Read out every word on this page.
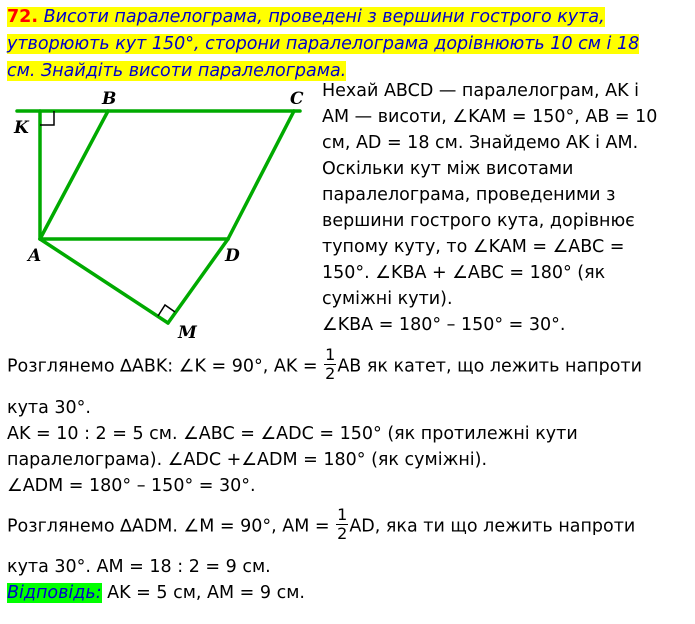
72. Висоти паралелограма, проведені з вершини гострого кута,
утворюють кут 150°, сторони паралелограма дорівнюють 10 см і 18
см. Знайдіть висоти паралелограма.
K
B	C
A	D
M
Нехай ABCD — паралелограм, AK і
AM — висоти, ∠KAM = 150°, AB = 10
см, AD = 18 см. Знайдемо AK і AM.
Оскільки кут між висотами
паралелограма, проведеними з
вершини гострого кута, дорівнює
тупому куту, то ∠KAM = ∠ABC =
150°. ∠KBA + ∠ABC = 180° (як
суміжні кути).
∠KBA = 180° – 150° = 30°.
Розглянемо ∆ABK: ∠K = 90°, AK = $\frac{1}{2}$ AB як катет, що лежить напроти
кута 30°.
AK = 10 : 2 = 5 см. ∠ABC = ∠ADC = 150° (як протилежні кути
паралелограма). ∠ADC +∠ADM = 180° (як суміжні).
∠ADM = 180° – 150° = 30°.
Розглянемо ∆ADM. ∠M = 90°, AM = $\frac{1}{2}$ AD, яка ти що лежить напроти
кута 30°. AM = 18 : 2 = 9 см.
Відповідь: AK = 5 см, AM = 9 см.
